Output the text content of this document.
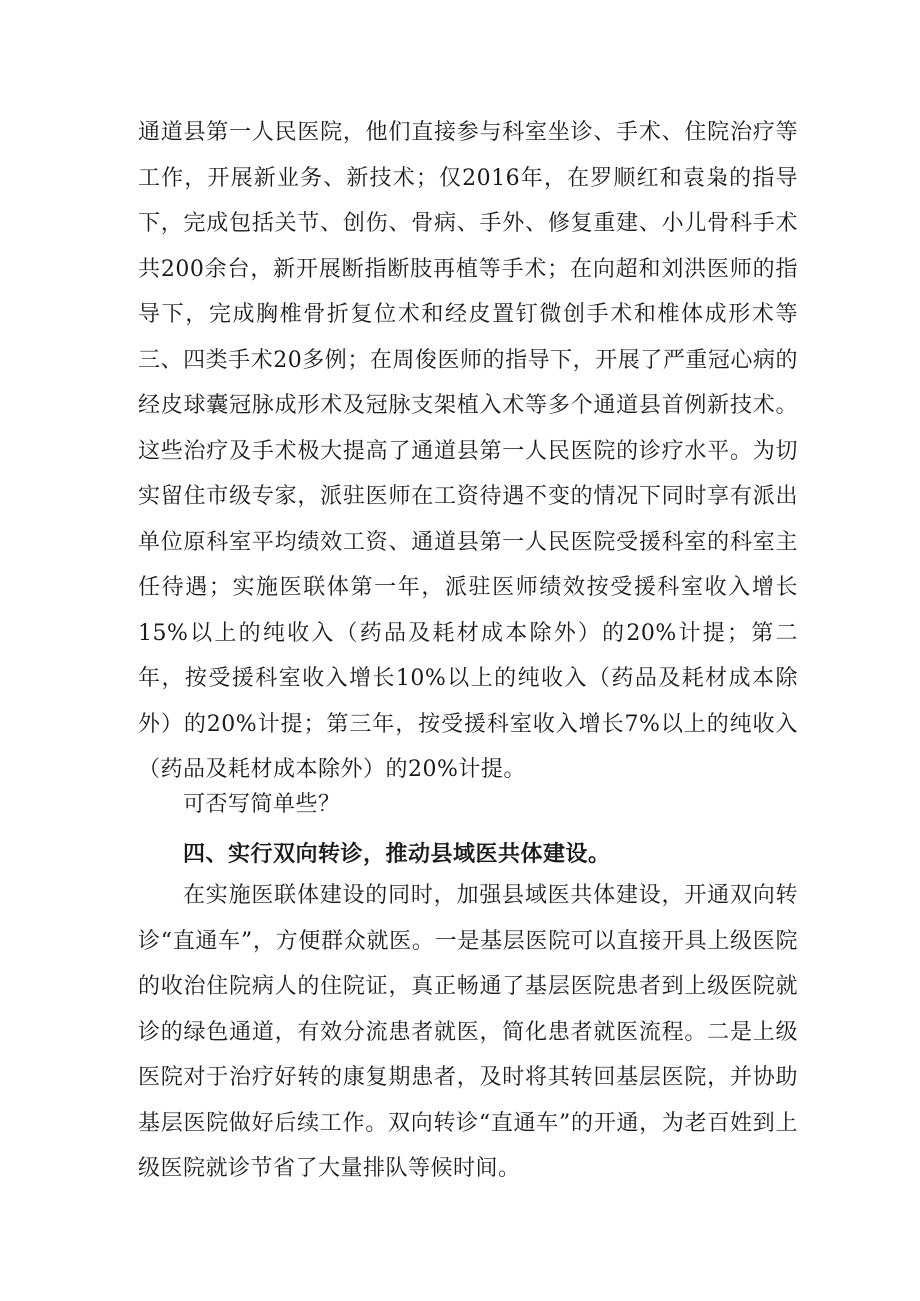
通道县第一人民医院，他们直接参与科室坐诊、手术、住院治疗等工作，开展新业务、新技术；仅2016年，在罗顺红和袁枭的指导下，完成包括关节、创伤、骨病、手外、修复重建、小儿骨科手术共200余台，新开展断指断肢再植等手术；在向超和刘洪医师的指导下，完成胸椎骨折复位术和经皮置钉微创手术和椎体成形术等三、四类手术20多例；在周俊医师的指导下，开展了严重冠心病的经皮球囊冠脉成形术及冠脉支架植入术等多个通道县首例新技术。这些治疗及手术极大提高了通道县第一人民医院的诊疗水平。为切实留住市级专家，派驻医师在工资待遇不变的情况下同时享有派出单位原科室平均绩效工资、通道县第一人民医院受援科室的科室主任待遇；实施医联体第一年，派驻医师绩效按受援科室收入增长15%以上的纯收入（药品及耗材成本除外）的20%计提；第二年，按受援科室收入增长10%以上的纯收入（药品及耗材成本除外）的20%计提；第三年，按受援科室收入增长7%以上的纯收入（药品及耗材成本除外）的20%计提。

可否写简单些？

四、实行双向转诊，推动县域医共体建设。

在实施医联体建设的同时，加强县域医共体建设，开通双向转诊“直通车”，方便群众就医。一是基层医院可以直接开具上级医院的收治住院病人的住院证，真正畅通了基层医院患者到上级医院就诊的绿色通道，有效分流患者就医，简化患者就医流程。二是上级医院对于治疗好转的康复期患者，及时将其转回基层医院，并协助基层医院做好后续工作。双向转诊“直通车”的开通，为老百姓到上级医院就诊节省了大量排队等候时间。
